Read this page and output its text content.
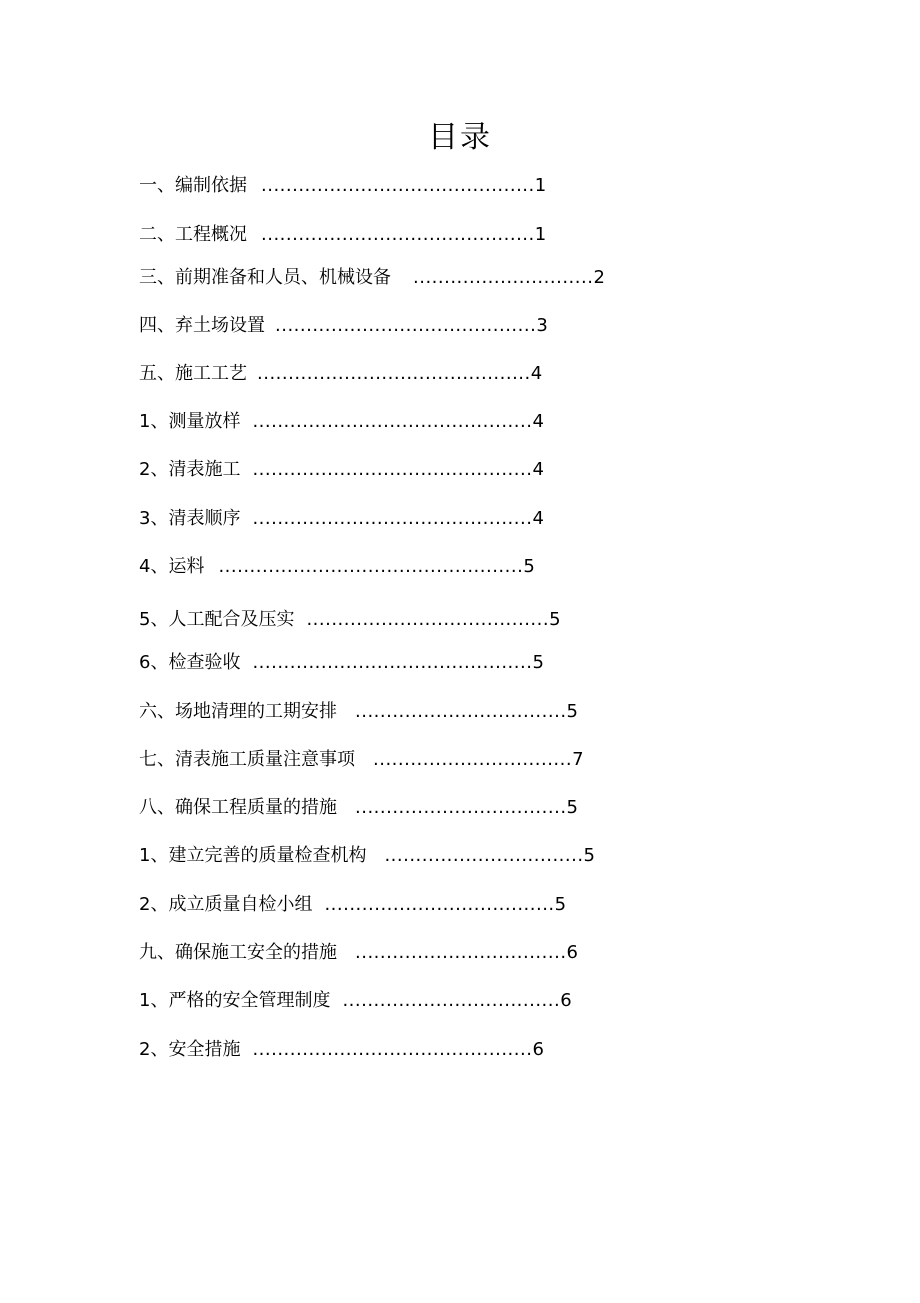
目录
一、编制依据 ............................................1
二、工程概况 ............................................1
三、前期准备和人员、机械设备 .............................2
四、弃土场设置 ..........................................3
五、施工工艺 ............................................4
1、测量放样 .............................................4
2、清表施工 .............................................4
3、清表顺序 .............................................4
4、运料 .................................................5
5、人工配合及压实 .......................................5
6、检查验收 .............................................5
六、场地清理的工期安排 ..................................5
七、清表施工质量注意事项 ................................7
八、确保工程质量的措施 ..................................5
1、建立完善的质量检查机构 ................................5
2、成立质量自检小组 .....................................5
九、确保施工安全的措施 ..................................6
1、严格的安全管理制度 ...................................6
2、安全措施 .............................................6
